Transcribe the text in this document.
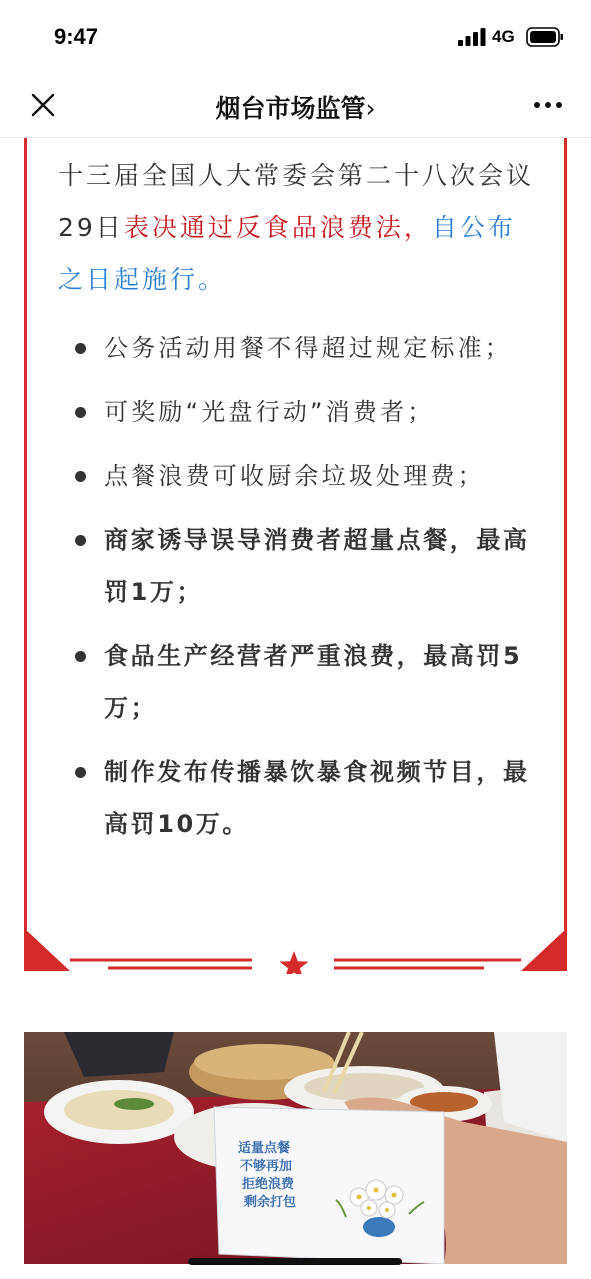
9:47	4G
烟台市场监管›

十三届全国人大常委会第二十八次会议29日表决通过反食品浪费法，自公布之日起施行。

公务活动用餐不得超过规定标准；
可奖励“光盘行动”消费者；
点餐浪费可收厨余垃圾处理费；
商家诱导误导消费者超量点餐，最高罚1万；
食品生产经营者严重浪费，最高罚5万；
制作发布传播暴饮暴食视频节目，最高罚10万。
适量点餐
不够再加
拒绝浪费
剩余打包
